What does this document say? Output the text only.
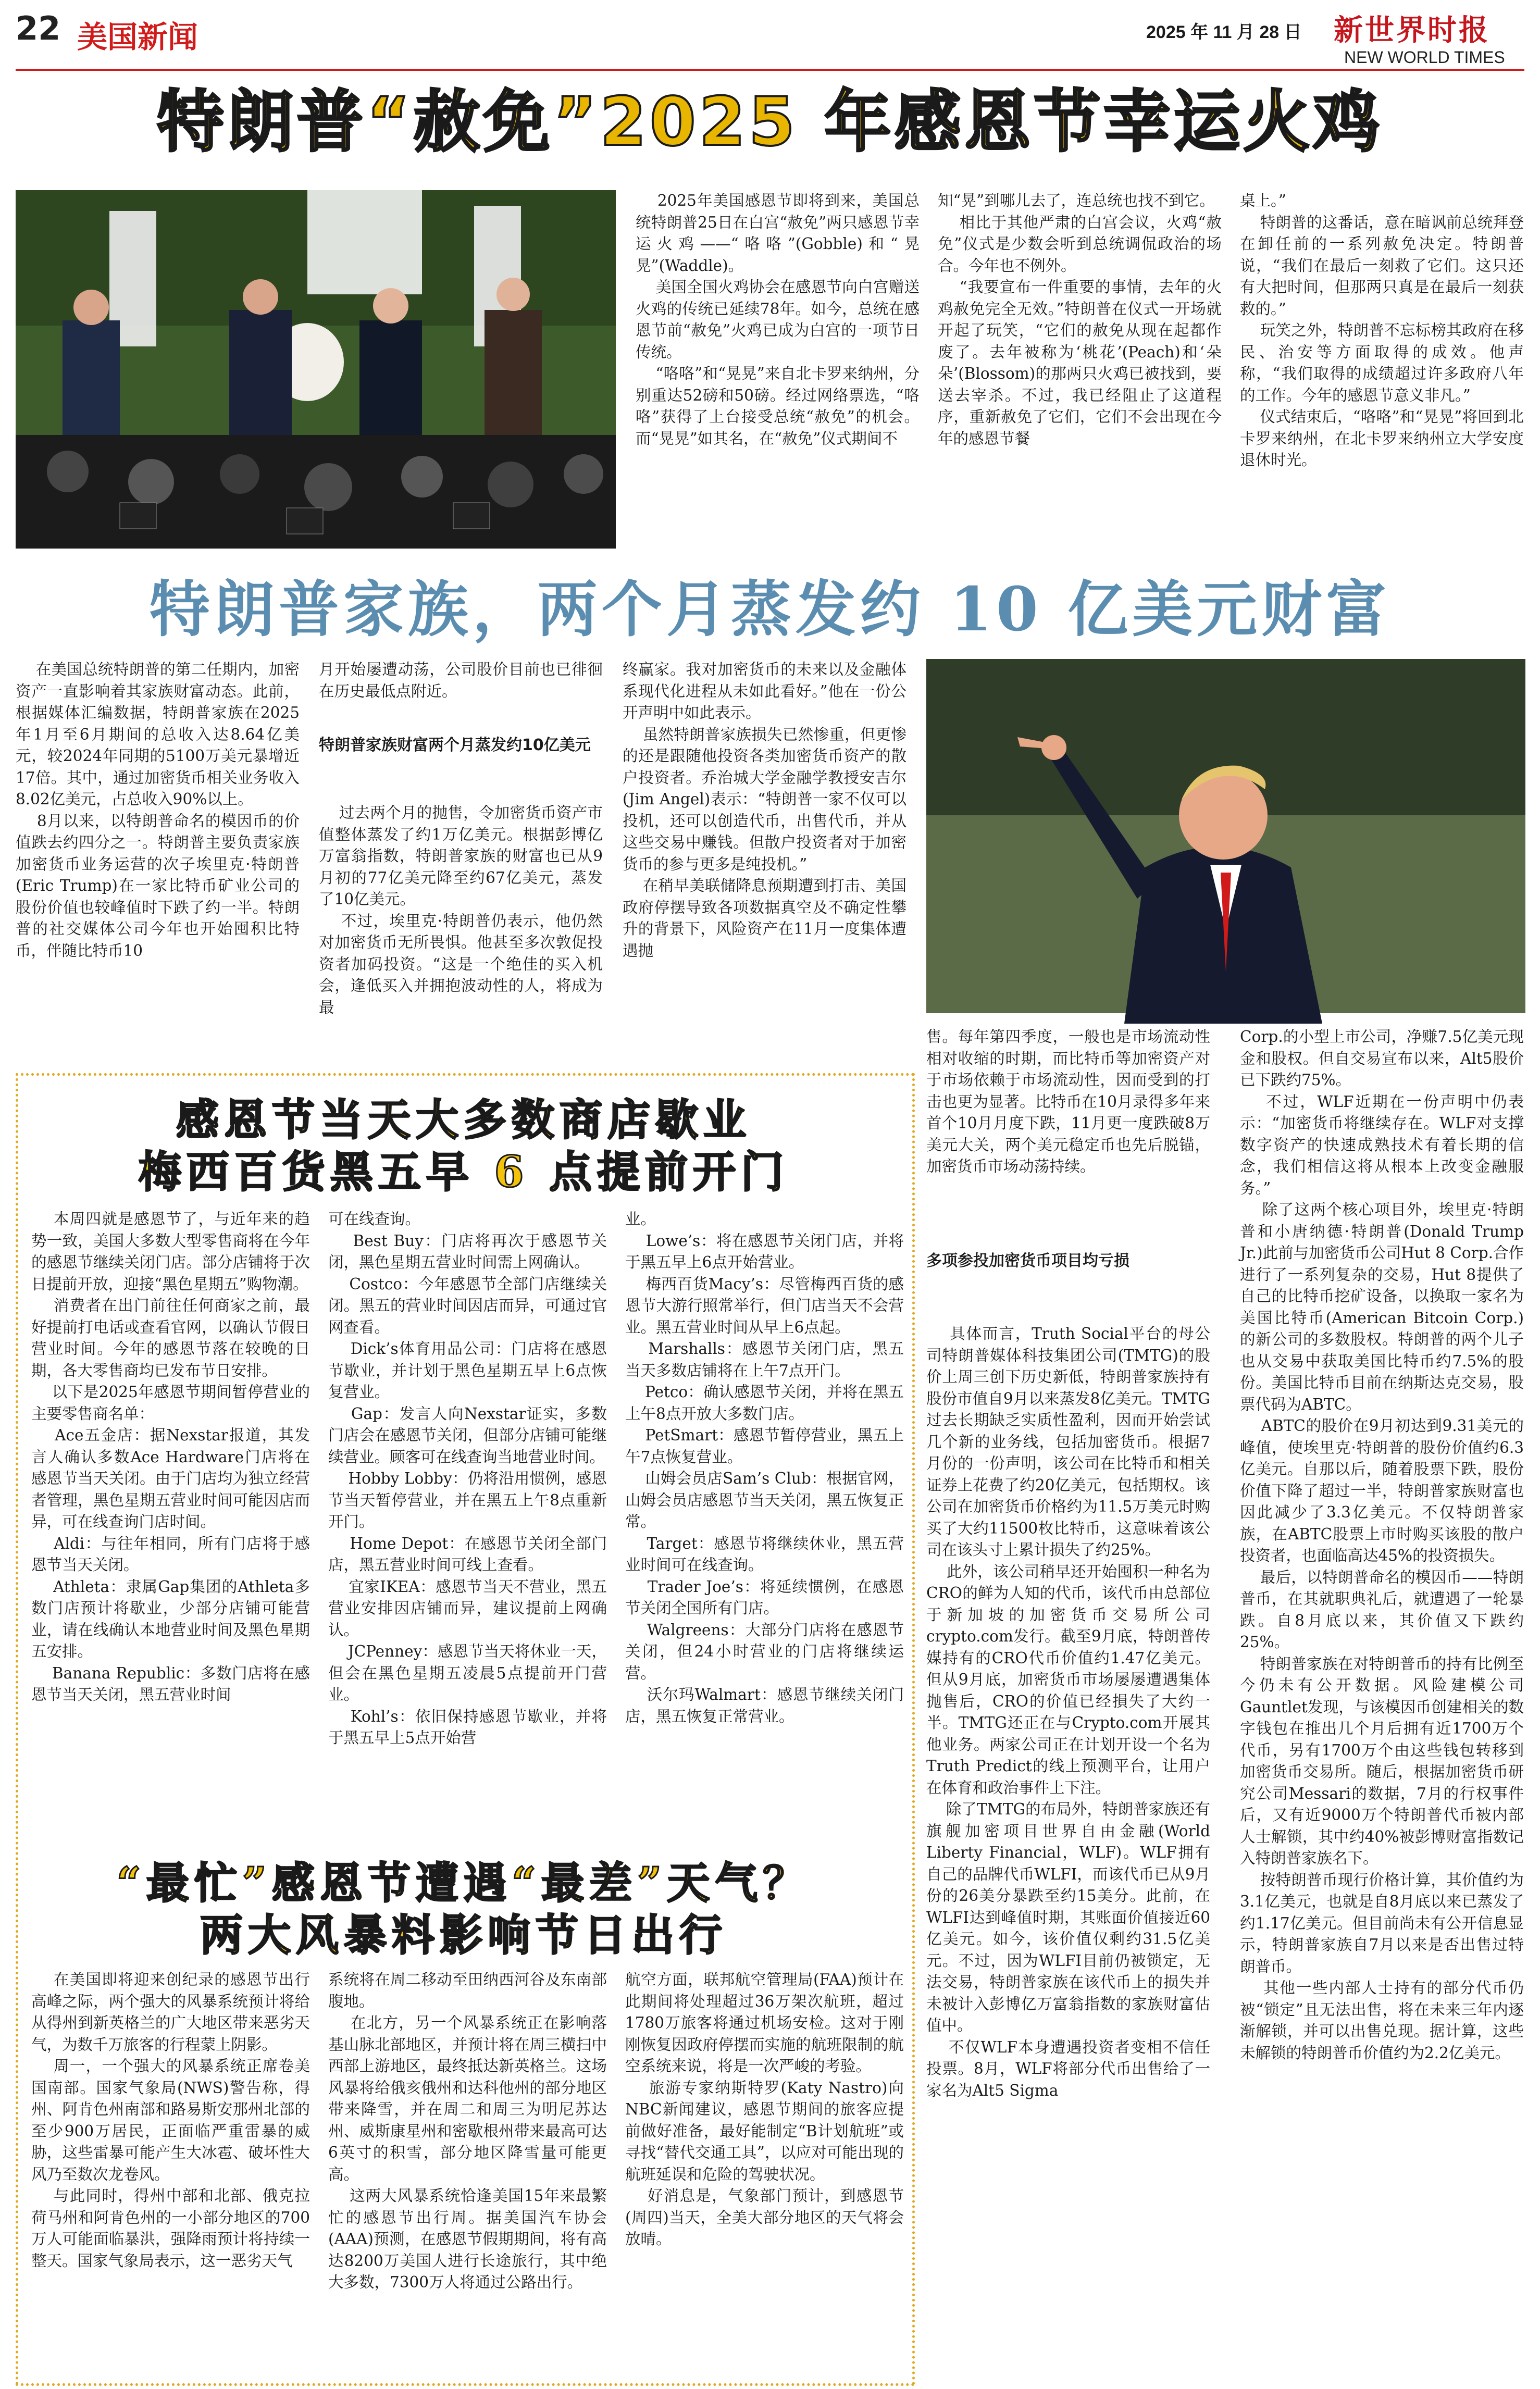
22 美国新闻	2025 年 11 月 28 日 新世界时报
NEW WORLD TIMES
特朗普“赦免”2025 年感恩节幸运火鸡
2025年美国感恩节即将到来，美国总统特朗普25日在白宫“赦免”两只感恩节幸运火鸡——“咯咯”(Gobble)和“晃晃”(Waddle)。
美国全国火鸡协会在感恩节向白宫赠送火鸡的传统已延续78年。如今，总统在感恩节前“赦免”火鸡已成为白宫的一项节日传统。
“咯咯”和“晃晃”来自北卡罗来纳州，分别重达52磅和50磅。经过网络票选，“咯咯”获得了上台接受总统“赦免”的机会。而“晃晃”如其名，在“赦免”仪式期间不
知“晃”到哪儿去了，连总统也找不到它。
相比于其他严肃的白宫会议，火鸡“赦免”仪式是少数会听到总统调侃政治的场合。今年也不例外。
“我要宣布一件重要的事情，去年的火鸡赦免完全无效。”特朗普在仪式一开场就开起了玩笑，“它们的赦免从现在起都作废了。去年被称为‘桃花’(Peach)和‘朵朵’(Blossom)的那两只火鸡已被找到，要送去宰杀。不过，我已经阻止了这道程序，重新赦免了它们，它们不会出现在今年的感恩节餐
桌上。”
特朗普的这番话，意在暗讽前总统拜登在卸任前的一系列赦免决定。特朗普说，“我们在最后一刻救了它们。这只还有大把时间，但那两只真是在最后一刻获救的。”
玩笑之外，特朗普不忘标榜其政府在移民、治安等方面取得的成效。他声称，“我们取得的成绩超过许多政府八年的工作。今年的感恩节意义非凡。”
仪式结束后，“咯咯”和“晃晃”将回到北卡罗来纳州，在北卡罗来纳州立大学安度退休时光。
特朗普家族，两个月蒸发约 10 亿美元财富
在美国总统特朗普的第二任期内，加密资产一直影响着其家族财富动态。此前，根据媒体汇编数据，特朗普家族在2025年1月至6月期间的总收入达8.64亿美元，较2024年同期的5100万美元暴增近17倍。其中，通过加密货币相关业务收入8.02亿美元，占总收入90%以上。
8月以来，以特朗普命名的模因币的价值跌去约四分之一。特朗普主要负责家族加密货币业务运营的次子埃里克·特朗普(Eric Trump)在一家比特币矿业公司的股份价值也较峰值时下跌了约一半。特朗普的社交媒体公司今年也开始囤积比特币，伴随比特币10
月开始屡遭动荡，公司股价目前也已徘徊在历史最低点附近。
特朗普家族财富两个月蒸发约10亿美元
过去两个月的抛售，令加密货币资产市值整体蒸发了约1万亿美元。根据彭博亿万富翁指数，特朗普家族的财富也已从9月初的77亿美元降至约67亿美元，蒸发了10亿美元。
不过，埃里克·特朗普仍表示，他仍然对加密货币无所畏惧。他甚至多次敦促投资者加码投资。“这是一个绝佳的买入机会，逢低买入并拥抱波动性的人，将成为最
终赢家。我对加密货币的未来以及金融体系现代化进程从未如此看好。”他在一份公开声明中如此表示。
虽然特朗普家族损失已然惨重，但更惨的还是跟随他投资各类加密货币资产的散户投资者。乔治城大学金融学教授安吉尔(Jim Angel)表示：“特朗普一家不仅可以投机，还可以创造代币，出售代币，并从这些交易中赚钱。但散户投资者对于加密货币的参与更多是纯投机。”
在稍早美联储降息预期遭到打击、美国政府停摆导致各项数据真空及不确定性攀升的背景下，风险资产在11月一度集体遭遇抛
售。每年第四季度，一般也是市场流动性相对收缩的时期，而比特币等加密资产对于市场依赖于市场流动性，因而受到的打击也更为显著。比特币在10月录得多年来首个10月月度下跌，11月更一度跌破8万美元大关，两个美元稳定币也先后脱锚，加密货币市场动荡持续。
多项参投加密货币项目均亏损
具体而言，Truth Social平台的母公司特朗普媒体科技集团公司(TMTG)的股价上周三创下历史新低，特朗普家族持有股份市值自9月以来蒸发8亿美元。TMTG过去长期缺乏实质性盈利，因而开始尝试几个新的业务线，包括加密货币。根据7月份的一份声明，该公司在比特币和相关证券上花费了约20亿美元，包括期权。该公司在加密货币价格约为11.5万美元时购买了大约11500枚比特币，这意味着该公司在该头寸上累计损失了约25%。
此外，该公司稍早还开始囤积一种名为CRO的鲜为人知的代币，该代币由总部位于新加坡的加密货币交易所公司crypto.com发行。截至9月底，特朗普传媒持有的CRO代币价值约1.47亿美元。但从9月底，加密货币市场屡屡遭遇集体抛售后，CRO的价值已经損失了大约一半。TMTG还正在与Crypto.com开展其他业务。两家公司正在计划开设一个名为Truth Predict的线上预测平台，让用户在体育和政治事件上下注。
除了TMTG的布局外，特朗普家族还有旗舰加密项目世界自由金融(World Liberty Financial，WLF)。WLF拥有自己的品牌代币WLFI，而该代币已从9月份的26美分暴跌至约15美分。此前，在WLFI达到峰值时期，其账面价值接近60亿美元。如今，该价值仅剩约31.5亿美元。不过，因为WLFI目前仍被锁定，无法交易，特朗普家族在该代币上的损失并未被计入彭博亿万富翁指数的家族财富估值中。
不仅WLF本身遭遇投资者变相不信任投票。8月，WLF将部分代币出售给了一家名为Alt5 Sigma
Corp.的小型上市公司，净赚7.5亿美元现金和股权。但自交易宣布以来，Alt5股价已下跌约75%。
不过，WLF近期在一份声明中仍表示：“加密货币将继续存在。WLF对支撑数字资产的快速成熟技术有着长期的信念，我们相信这将从根本上改变金融服务。”
除了这两个核心项目外，埃里克·特朗普和小唐纳德·特朗普(Donald Trump Jr.)此前与加密货币公司Hut 8 Corp.合作进行了一系列复杂的交易，Hut 8提供了自己的比特币挖矿设备，以换取一家名为美国比特币(American Bitcoin Corp.)的新公司的多数股权。特朗普的两个儿子也从交易中获取美国比特币约7.5%的股份。美国比特币目前在纳斯达克交易，股票代码为ABTC。
ABTC的股价在9月初达到9.31美元的峰值，使埃里克·特朗普的股份价值约6.3亿美元。自那以后，随着股票下跌，股份价值下降了超过一半，特朗普家族财富也因此减少了3.3亿美元。不仅特朗普家族，在ABTC股票上市时购买该股的散户投资者，也面临高达45%的投资损失。
最后，以特朗普命名的模因币——特朗普币，在其就职典礼后，就遭遇了一轮暴跌。自8月底以来，其价值又下跌约25%。
特朗普家族在对特朗普币的持有比例至今仍未有公开数据。风险建模公司Gauntlet发现，与该模因币创建相关的数字钱包在推出几个月后拥有近1700万个代币，另有1700万个由这些钱包转移到加密货币交易所。随后，根据加密货币研究公司Messari的数据，7月的行权事件后，又有近9000万个特朗普代币被内部人士解锁，其中约40%被彭博财富指数记入特朗普家族名下。
按特朗普币现行价格计算，其价值约为3.1亿美元，也就是自8月底以来已蒸发了约1.17亿美元。但目前尚未有公开信息显示，特朗普家族自7月以来是否出售过特朗普币。
其他一些内部人士持有的部分代币仍被“锁定”且无法出售，将在未来三年内逐渐解锁，并可以出售兑现。据计算，这些未解锁的特朗普币价值约为2.2亿美元。
感恩节当天大多数商店歇业
梅西百货黑五早 6 点提前开门
本周四就是感恩节了，与近年来的趋势一致，美国大多数大型零售商将在今年的感恩节继续关闭门店。部分店铺将于次日提前开放，迎接“黑色星期五”购物潮。
消费者在出门前往任何商家之前，最好提前打电话或查看官网，以确认节假日营业时间。今年的感恩节落在较晚的日期，各大零售商均已发布节日安排。
以下是2025年感恩节期间暂停营业的主要零售商名单：
Ace五金店：据Nexstar报道，其发言人确认多数Ace Hardware门店将在感恩节当天关闭。由于门店均为独立经营者管理，黑色星期五营业时间可能因店而异，可在线查询门店时间。
Aldi：与往年相同，所有门店将于感恩节当天关闭。
Athleta：隶属Gap集团的Athleta多数门店预计将歇业，少部分店铺可能营业，请在线确认本地营业时间及黑色星期五安排。
Banana Republic：多数门店将在感恩节当天关闭，黑五营业时间
可在线查询。
Best Buy：门店将再次于感恩节关闭，黑色星期五营业时间需上网确认。
Costco：今年感恩节全部门店继续关闭。黑五的营业时间因店而异，可通过官网查看。
Dick’s体育用品公司：门店将在感恩节歇业，并计划于黑色星期五早上6点恢复营业。
Gap：发言人向Nexstar证实，多数门店会在感恩节关闭，但部分店铺可能继续营业。顾客可在线查询当地营业时间。
Hobby Lobby：仍将沿用惯例，感恩节当天暂停营业，并在黑五上午8点重新开门。
Home Depot：在感恩节关闭全部门店，黑五营业时间可线上查看。
宜家IKEA：感恩节当天不营业，黑五营业安排因店铺而异，建议提前上网确认。
JCPenney：感恩节当天将休业一天，但会在黑色星期五凌晨5点提前开门营业。
Kohl’s：依旧保持感恩节歇业，并将于黑五早上5点开始营
业。
Lowe’s：将在感恩节关闭门店，并将于黑五早上6点开始营业。
梅西百货Macy’s：尽管梅西百货的感恩节大游行照常举行，但门店当天不会营业。黑五营业时间从早上6点起。
Marshalls：感恩节关闭门店，黑五当天多数店铺将在上午7点开门。
Petco：确认感恩节关闭，并将在黑五上午8点开放大多数门店。
PetSmart：感恩节暂停营业，黑五上午7点恢复营业。
山姆会员店Sam’s Club：根据官网，山姆会员店感恩节当天关闭，黑五恢复正常。
Target：感恩节将继续休业，黑五营业时间可在线查询。
Trader Joe’s：将延续惯例，在感恩节关闭全国所有门店。
Walgreens：大部分门店将在感恩节关闭，但24小时营业的门店将继续运营。
沃尔玛Walmart：感恩节继续关闭门店，黑五恢复正常营业。
“最忙”感恩节遭遇“最差”天气？
两大风暴料影响节日出行
在美国即将迎来创纪录的感恩节出行高峰之际，两个强大的风暴系统预计将给从得州到新英格兰的广大地区带来恶劣天气，为数千万旅客的行程蒙上阴影。
周一，一个强大的风暴系统正席卷美国南部。国家气象局(NWS)警告称，得州、阿肯色州南部和路易斯安那州北部的至少900万居民，正面临严重雷暴的威胁，这些雷暴可能产生大冰雹、破坏性大风乃至数次龙卷风。
与此同时，得州中部和北部、俄克拉荷马州和阿肯色州的一小部分地区的700万人可能面临暴洪，强降雨预计将持续一整天。国家气象局表示，这一恶劣天气
系统将在周二移动至田纳西河谷及东南部腹地。
在北方，另一个风暴系统正在影响落基山脉北部地区，并预计将在周三横扫中西部上游地区，最终抵达新英格兰。这场风暴将给俄亥俄州和达科他州的部分地区带来降雪，并在周二和周三为明尼苏达州、威斯康星州和密歇根州带来最高可达6英寸的积雪，部分地区降雪量可能更高。
这两大风暴系统恰逢美国15年来最繁忙的感恩节出行周。据美国汽车协会(AAA)预测，在感恩节假期期间，将有高达8200万美国人进行长途旅行，其中绝大多数，7300万人将通过公路出行。
航空方面，联邦航空管理局(FAA)预计在此期间将处理超过36万架次航班，超过1780万旅客将通过机场安检。这对于刚刚恢复因政府停摆而实施的航班限制的航空系统来说，将是一次严峻的考验。
旅游专家纳斯特罗(Katy Nastro)向NBC新闻建议，感恩节期间的旅客应提前做好准备，最好能制定“B计划航班”或寻找“替代交通工具”，以应对可能出现的航班延误和危险的驾驶状况。
好消息是，气象部门预计，到感恩节(周四)当天，全美大部分地区的天气将会放晴。
